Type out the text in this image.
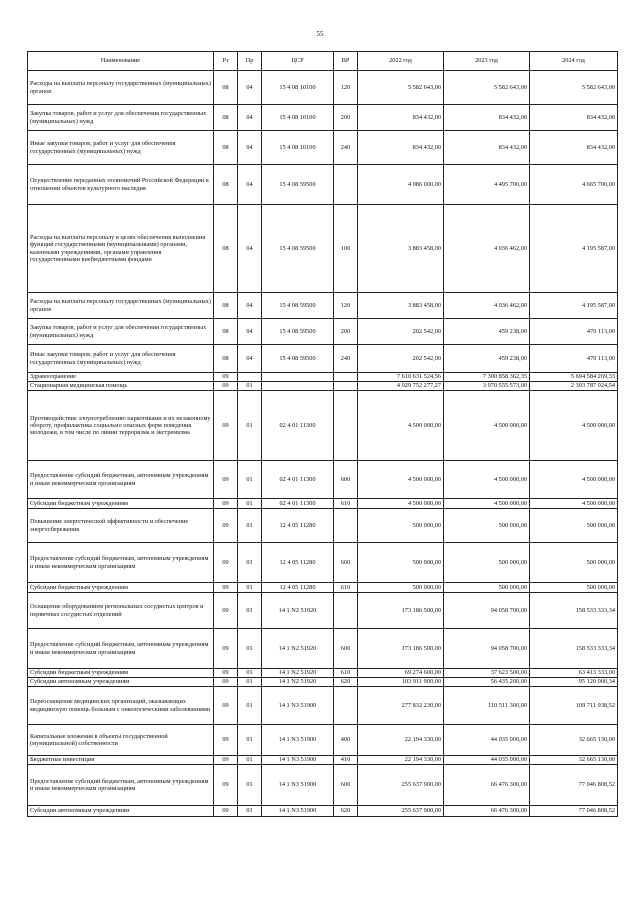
55
Наименование	Рз	Пр	ЦСР	ВР	2022 год	2023 год	2024 год
Расходы на выплаты персоналу государственных (муниципальных) органов	08	04	15 4 08 10100	120	5 582 643,00	5 582 643,00	5 582 643,00
Закупка товаров, работ и услуг для обеспечения государственных (муниципальных) нужд	08	04	15 4 08 10100	200	834 432,00	834 432,00	834 432,00
Иные закупки товаров, работ и услуг для обеспечения государственных (муниципальных) нужд	08	04	15 4 08 10100	240	834 432,00	834 432,00	834 432,00
Осуществление переданных полномочий Российской Федерации в отношении объектов культурного наследия	08	04	15 4 08 59500		4 086 000,00	4 495 700,00	4 665 700,00
Расходы на выплаты персоналу в целях обеспечения выполнения функций государственными (муниципальными) органами, казенными учреждениями, органами управления государственными внебюджетными фондами	08	04	15 4 08 59500	100	3 883 458,00	4 036 462,00	4 195 587,00
Расходы на выплаты персоналу государственных (муниципальных) органов	08	04	15 4 08 59500	120	3 883 458,00	4 036 462,00	4 195 587,00
Закупка товаров, работ и услуг для обеспечения государственных (муниципальных) нужд	08	04	15 4 08 59500	200	202 542,00	459 238,00	470 113,00
Иные закупки товаров, работ и услуг для обеспечения государственных (муниципальных) нужд	08	04	15 4 08 59500	240	202 542,00	459 238,00	470 113,00
Здравоохранение	09				7 610 631 524,56	7 300 858 362,35	5 694 584 269,33
Стационарная медицинская помощь	09	01			4 029 752 277,27	3 970 555 573,00	2 393 787 024,54
Противодействие злоупотреблению наркотиками и их незаконному обороту, профилактика социально опасных форм поведения молодежи, в том числе по линии терроризма и экстремизма	09	01	02 4 01 11300		4 500 000,00	4 500 000,00	4 500 000,00
Предоставление субсидий бюджетным, автономным учреждениям и иным некоммерческим организациям	09	01	02 4 01 11300	600	4 500 000,00	4 500 000,00	4 500 000,00
Субсидии бюджетным учреждениям	09	01	02 4 01 11300	610	4 500 000,00	4 500 000,00	4 500 000,00
Повышение энергетической эффективности и обеспечение энергосбережения	09	01	12 4 05 11280		500 000,00	500 000,00	500 000,00
Предоставление субсидий бюджетным, автономным учреждениям и иным некоммерческим организациям	09	01	12 4 05 11280	600	500 000,00	500 000,00	500 000,00
Субсидии бюджетным учреждениям	09	01	12 4 05 11280	610	500 000,00	500 000,00	500 000,00
Оснащение оборудованием региональных сосудистых центров и первичных сосудистых отделений	09	01	14 1 N2 51920		173 186 500,00	94 058 700,00	158 533 333,34
Предоставление субсидий бюджетным, автономным учреждениям и иным некоммерческим организациям	09	01	14 1 N2 51920	600	173 186 500,00	94 058 700,00	158 533 333,34
Субсидии бюджетным учреждениям	09	01	14 1 N2 51920	610	69 274 600,00	37 623 500,00	63 413 333,00
Субсидии автономным учреждениям	09	01	14 1 N2 51920	620	103 911 900,00	56 435 200,00	95 120 000,34
Переоснащение медицинских организаций, оказывающих медицинскую помощь больным с онкологическими заболеваниями	09	01	14 1 N3 51900		277 832 230,00	110 511 300,00	109 711 938,52
Капитальные вложения в объекты государственной (муниципальной) собственности	09	01	14 1 N3 51900	400	22 194 330,00	44 035 000,00	32 665 130,00
Бюджетные инвестиции	09	01	14 1 N3 51900	410	22 194 330,00	44 035 000,00	32 665 130,00
Предоставление субсидий бюджетным, автономным учреждениям и иным некоммерческим организациям	09	01	14 1 N3 51900	600	255 637 900,00	66 476 300,00	77 046 808,52
Субсидии автономным учреждениям	09	01	14 1 N3 51900	620	255 637 900,00	66 476 300,00	77 046 808,52
